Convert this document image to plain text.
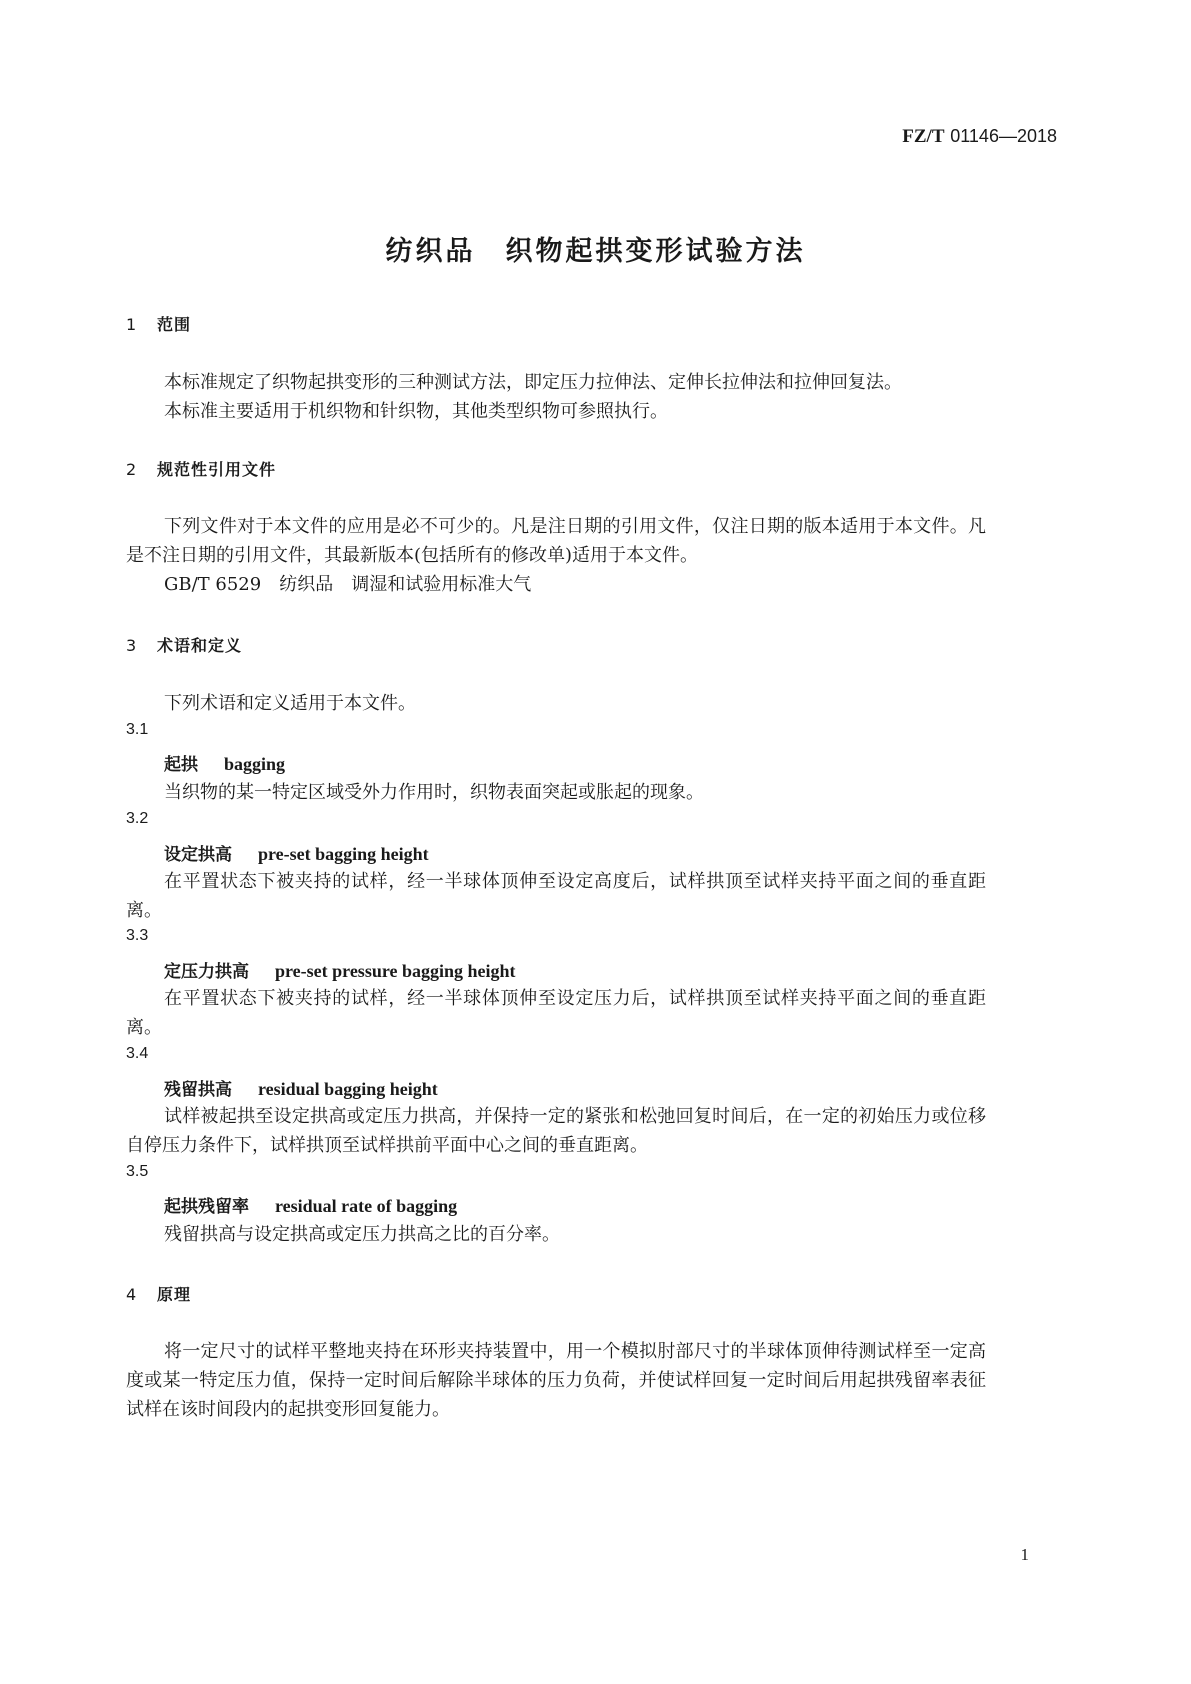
FZ/T 01146—2018
纺织品　织物起拱变形试验方法
1 范围
本标准规定了织物起拱变形的三种测试方法，即定压力拉伸法、定伸长拉伸法和拉伸回复法。
本标准主要适用于机织物和针织物，其他类型织物可参照执行。
2 规范性引用文件
下列文件对于本文件的应用是必不可少的。凡是注日期的引用文件，仅注日期的版本适用于本文件。凡是不注日期的引用文件，其最新版本(包括所有的修改单)适用于本文件。
GB/T 6529　纺织品　调湿和试验用标准大气
3 术语和定义
下列术语和定义适用于本文件。
3.1
起拱 bagging
当织物的某一特定区域受外力作用时，织物表面突起或胀起的现象。
3.2
设定拱高 pre-set bagging height
在平置状态下被夹持的试样，经一半球体顶伸至设定高度后，试样拱顶至试样夹持平面之间的垂直距离。
3.3
定压力拱高 pre-set pressure bagging height
在平置状态下被夹持的试样，经一半球体顶伸至设定压力后，试样拱顶至试样夹持平面之间的垂直距离。
3.4
残留拱高 residual bagging height
试样被起拱至设定拱高或定压力拱高，并保持一定的紧张和松弛回复时间后，在一定的初始压力或位移自停压力条件下，试样拱顶至试样拱前平面中心之间的垂直距离。
3.5
起拱残留率 residual rate of bagging
残留拱高与设定拱高或定压力拱高之比的百分率。
4 原理
将一定尺寸的试样平整地夹持在环形夹持装置中，用一个模拟肘部尺寸的半球体顶伸待测试样至一定高度或某一特定压力值，保持一定时间后解除半球体的压力负荷，并使试样回复一定时间后用起拱残留率表征试样在该时间段内的起拱变形回复能力。
1
